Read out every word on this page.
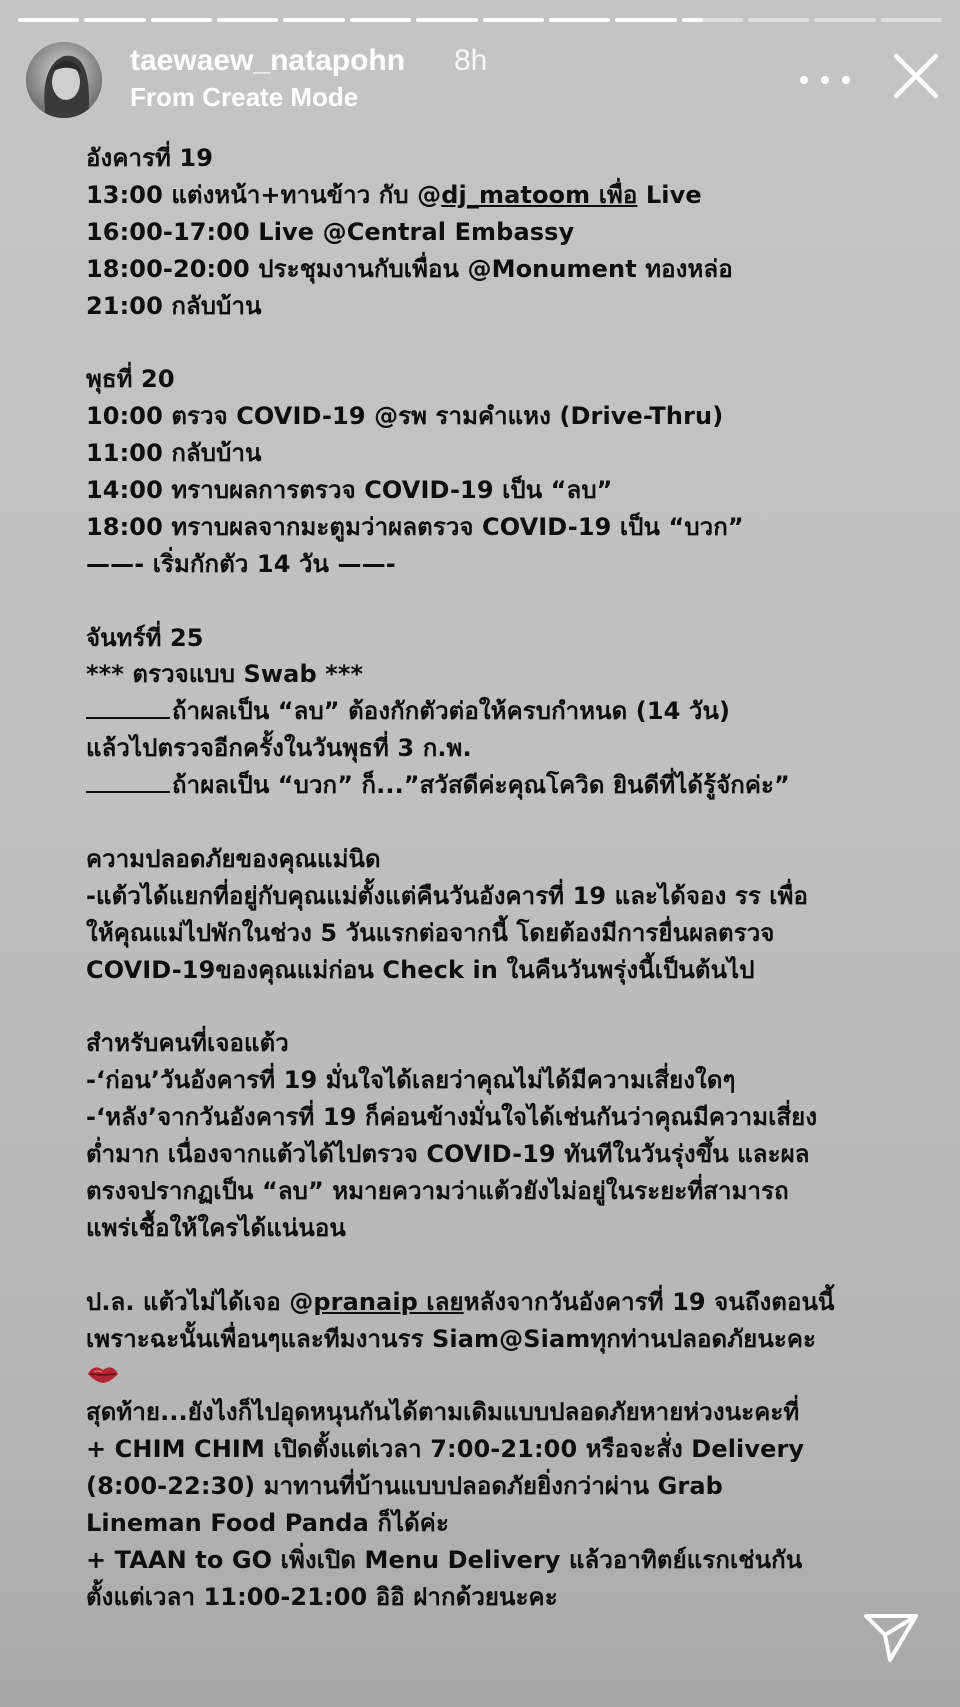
taewaew_natapohn 8h
From Create Mode
อังคารที่ 19
13:00 แต่งหน้า+ทานข้าว กับ @dj_matoom เพื่อ Live
16:00-17:00 Live @Central Embassy
18:00-20:00 ประชุมงานกับเพื่อน @Monument ทองหล่อ
21:00 กลับบ้าน
พุธที่ 20
10:00 ตรวจ COVID-19 @รพ รามคำแหง (Drive-Thru)
11:00 กลับบ้าน
14:00 ทราบผลการตรวจ COVID-19 เป็น “ลบ”
18:00 ทราบผลจากมะตูมว่าผลตรวจ COVID-19 เป็น “บวก”
——- เริ่มกักตัว 14 วัน ——-
จันทร์ที่ 25
*** ตรวจแบบ Swab ***
ถ้าผลเป็น “ลบ” ต้องกักตัวต่อให้ครบกำหนด (14 วัน)
แล้วไปตรวจอีกครั้งในวันพุธที่ 3 ก.พ.
ถ้าผลเป็น “บวก” ก็...”สวัสดีค่ะคุณโควิด ยินดีที่ได้รู้จักค่ะ”
ความปลอดภัยของคุณแม่นิด
-แต้วได้แยกที่อยู่กับคุณแม่ตั้งแต่คืนวันอังคารที่ 19 และได้จอง รร เพื่อ
ให้คุณแม่ไปพักในช่วง 5 วันแรกต่อจากนี้ โดยต้องมีการยื่นผลตรวจ
COVID-19ของคุณแม่ก่อน Check in ในคืนวันพรุ่งนี้เป็นต้นไป
สำหรับคนที่เจอแต้ว
-‘ก่อน’วันอังคารที่ 19 มั่นใจได้เลยว่าคุณไม่ได้มีความเสี่ยงใดๆ
-‘หลัง’จากวันอังคารที่ 19 ก็ค่อนข้างมั่นใจได้เช่นกันว่าคุณมีความเสี่ยง
ต่ำมาก เนื่องจากแต้วได้ไปตรวจ COVID-19 ทันทีในวันรุ่งขึ้น และผล
ตรงจปรากฏเป็น “ลบ” หมายความว่าแต้วยังไม่อยู่ในระยะที่สามารถ
แพร่เชื้อให้ใครได้แน่นอน
ป.ล. แต้วไม่ได้เจอ @pranaip เลยหลังจากวันอังคารที่ 19 จนถึงตอนนี้
เพราะฉะนั้นเพื่อนๆและทีมงานรร Siam@Siamทุกท่านปลอดภัยนะคะ
สุดท้าย...ยังไงก็ไปอุดหนุนกันได้ตามเดิมแบบปลอดภัยหายห่วงนะคะที่
+ CHIM CHIM เปิดตั้งแต่เวลา 7:00-21:00 หรือจะสั่ง Delivery
(8:00-22:30) มาทานที่บ้านแบบปลอดภัยยิ่งกว่าผ่าน Grab
Lineman Food Panda ก็ได้ค่ะ
+ TAAN to GO เพิ่งเปิด Menu Delivery แล้วอาทิตย์แรกเช่นกัน
ตั้งแต่เวลา 11:00-21:00 อิอิ ฝากด้วยนะคะ
